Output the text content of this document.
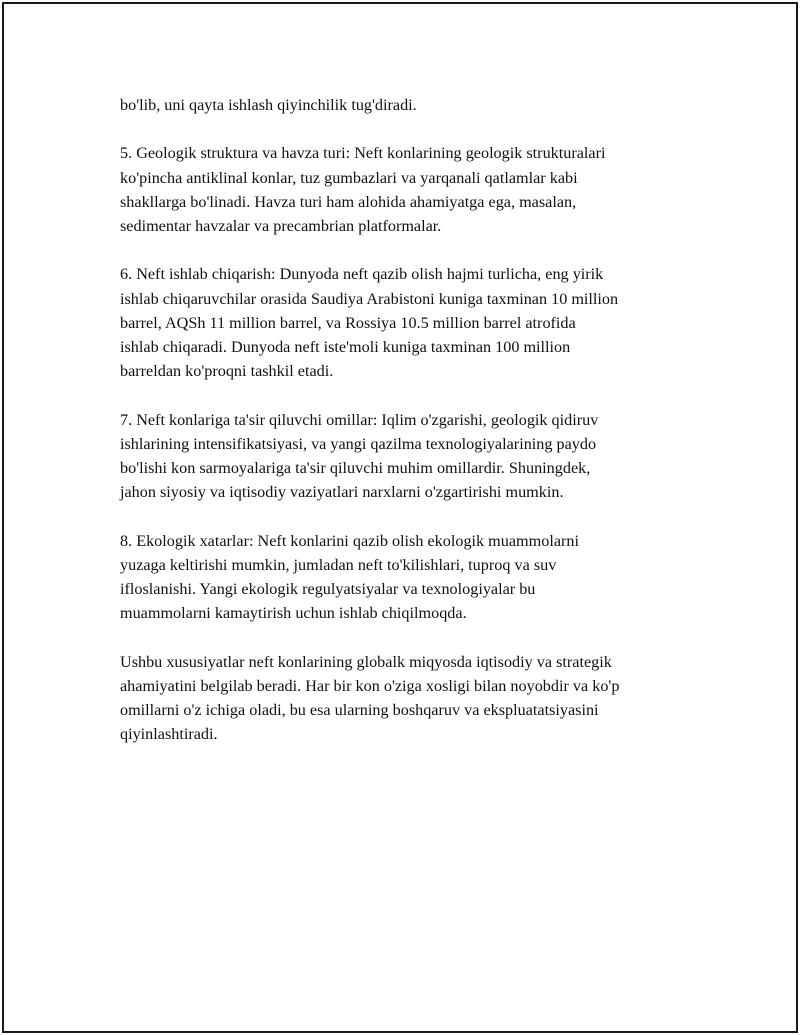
bo'lib, uni qayta ishlash qiyinchilik tug'diradi.

5. Geologik struktura va havza turi: Neft konlarining geologik strukturalari
ko'pincha antiklinal konlar, tuz gumbazlari va yarqanali qatlamlar kabi
shakllarga bo'linadi. Havza turi ham alohida ahamiyatga ega, masalan,
sedimentar havzalar va precambrian platformalar.

6. Neft ishlab chiqarish: Dunyoda neft qazib olish hajmi turlicha, eng yirik
ishlab chiqaruvchilar orasida Saudiya Arabistoni kuniga taxminan 10 million
barrel, AQSh 11 million barrel, va Rossiya 10.5 million barrel atrofida
ishlab chiqaradi. Dunyoda neft iste'moli kuniga taxminan 100 million
barreldan ko'proqni tashkil etadi.

7. Neft konlariga ta'sir qiluvchi omillar: Iqlim o'zgarishi, geologik qidiruv
ishlarining intensifikatsiyasi, va yangi qazilma texnologiyalarining paydo
bo'lishi kon sarmoyalariga ta'sir qiluvchi muhim omillardir. Shuningdek,
jahon siyosiy va iqtisodiy vaziyatlari narxlarni o'zgartirishi mumkin.

8. Ekologik xatarlar: Neft konlarini qazib olish ekologik muammolarni
yuzaga keltirishi mumkin, jumladan neft to'kilishlari, tuproq va suv
ifloslanishi. Yangi ekologik regulyatsiyalar va texnologiyalar bu
muammolarni kamaytirish uchun ishlab chiqilmoqda.

Ushbu xususiyatlar neft konlarining globalk miqyosda iqtisodiy va strategik
ahamiyatini belgilab beradi. Har bir kon o'ziga xosligi bilan noyobdir va ko'p
omillarni o'z ichiga oladi, bu esa ularning boshqaruv va ekspluatatsiyasini
qiyinlashtiradi.
